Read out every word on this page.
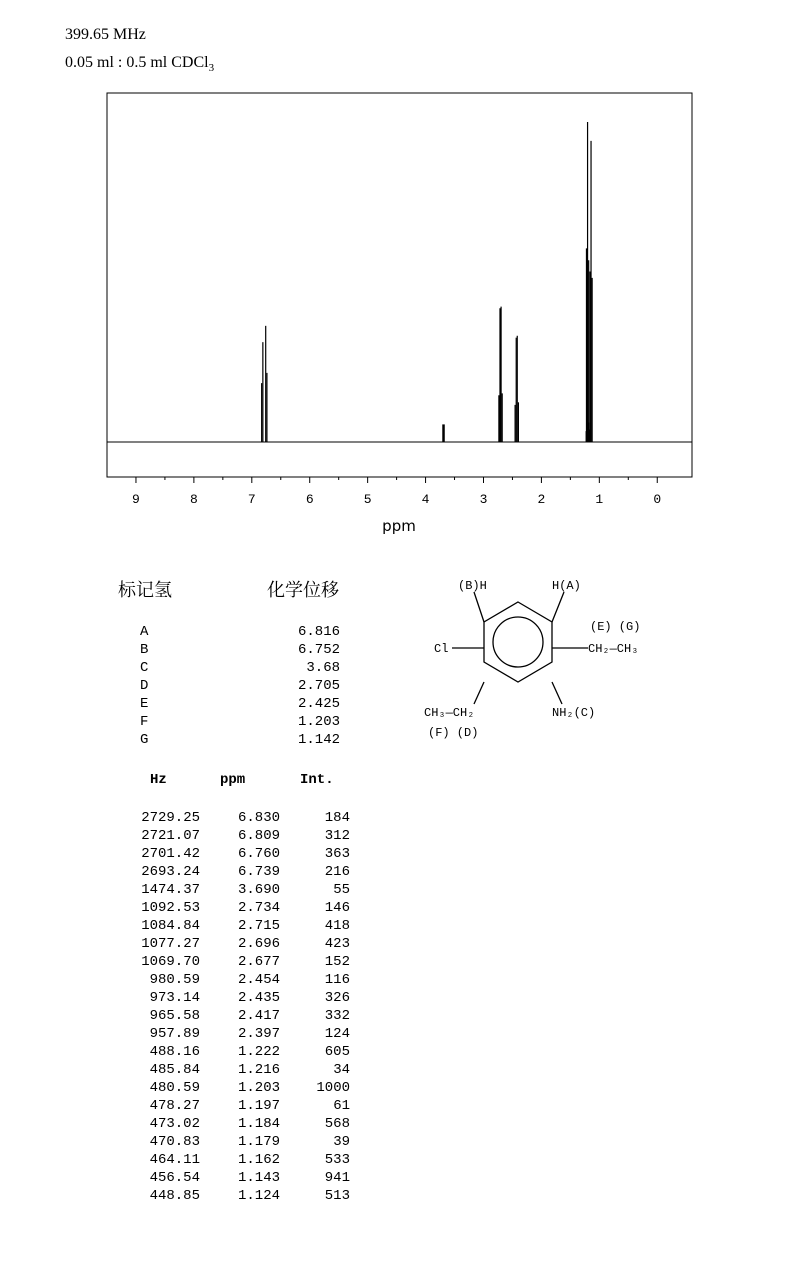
399.65 MHz
0.05 ml : 0.5 ml CDCl$_3$
9	8	7	6	5	4	3	2	1	0
ppm
标记氢	化学位移
A	6.816
B	6.752
C	3.68
D	2.705
E	2.425
F	1.203
G	1.142
(B)H	H(A)
Cl
(E) (G)
CH₂—CH₃
CH₃—CH₂
(F) (D)
NH₂(C)
Hz	ppm	Int.
2729.25	6.830	184
2721.07	6.809	312
2701.42	6.760	363
2693.24	6.739	216
1474.37	3.690	55
1092.53	2.734	146
1084.84	2.715	418
1077.27	2.696	423
1069.70	2.677	152
980.59	2.454	116
973.14	2.435	326
965.58	2.417	332
957.89	2.397	124
488.16	1.222	605
485.84	1.216	34
480.59	1.203	1000
478.27	1.197	61
473.02	1.184	568
470.83	1.179	39
464.11	1.162	533
456.54	1.143	941
448.85	1.124	513
